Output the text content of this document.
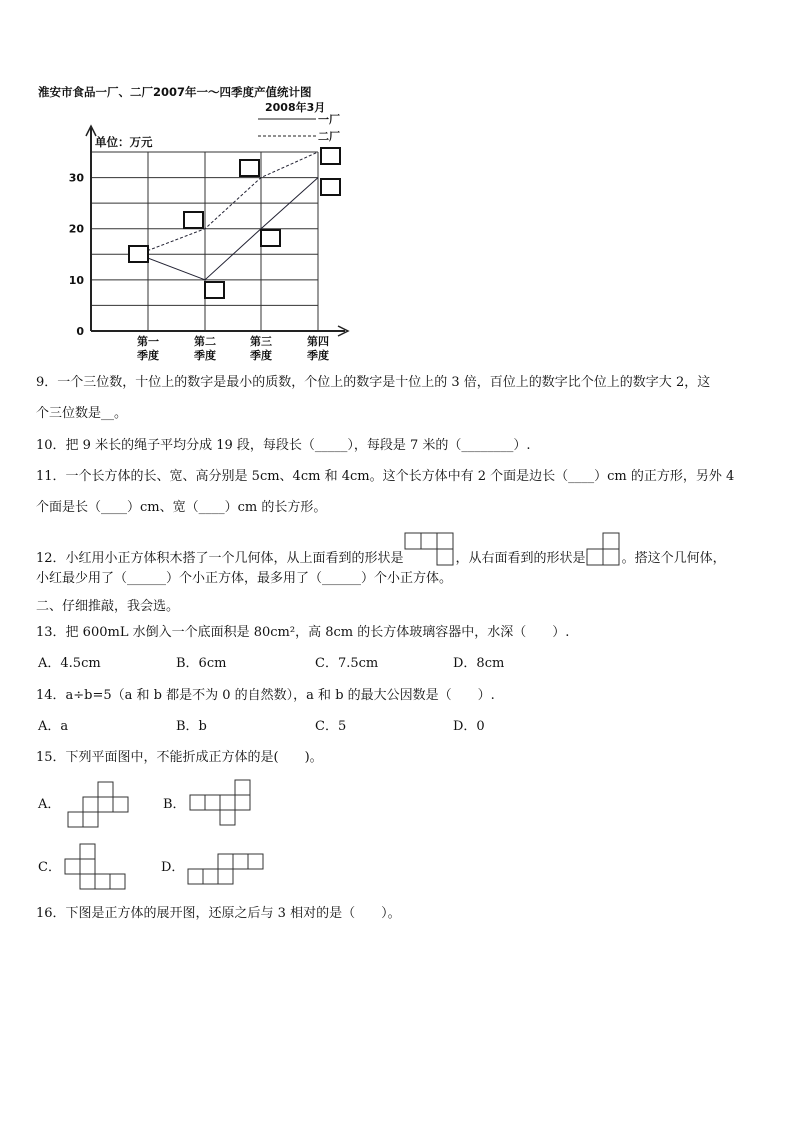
淮安市食品一厂、二厂2007年一～四季度产值统计图
2008年3月
0
10
20
30
单位：万元
第一
季度
第二
季度
第三
季度
第四
季度
一厂
二厂
9．一个三位数，十位上的数字是最小的质数，个位上的数字是十位上的 3 倍，百位上的数字比个位上的数字大 2，这
个三位数是__。
10．把 9 米长的绳子平均分成 19 段，每段长（_____），每段是 7 米的（________）.
11．一个长方体的长、宽、高分别是 5cm、4cm 和 4cm。这个长方体中有 2 个面是边长（____）cm 的正方形，另外 4
个面是长（____）cm、宽（____）cm 的长方形。
12．小红用小正方体积木搭了一个几何体，从上面看到的形状是	，从右面看到的形状是	。搭这个几何体，
小红最少用了（______）个小正方体，最多用了（______）个小正方体。
二、仔细推敲，我会选。
13．把 600mL 水倒入一个底面积是 80cm²，高 8cm 的长方体玻璃容器中，水深（　　）.
A．4.5cm	B．6cm	C．7.5cm	D．8cm
14．a÷b=5（a 和 b 都是不为 0 的自然数），a 和 b 的最大公因数是（　　）.
A．a	B．b	C．5	D．0
15．下列平面图中，不能折成正方体的是(　　)。
A．	B．
C．	D．
16．下图是正方体的展开图，还原之后与 3 相对的是（　　）。
